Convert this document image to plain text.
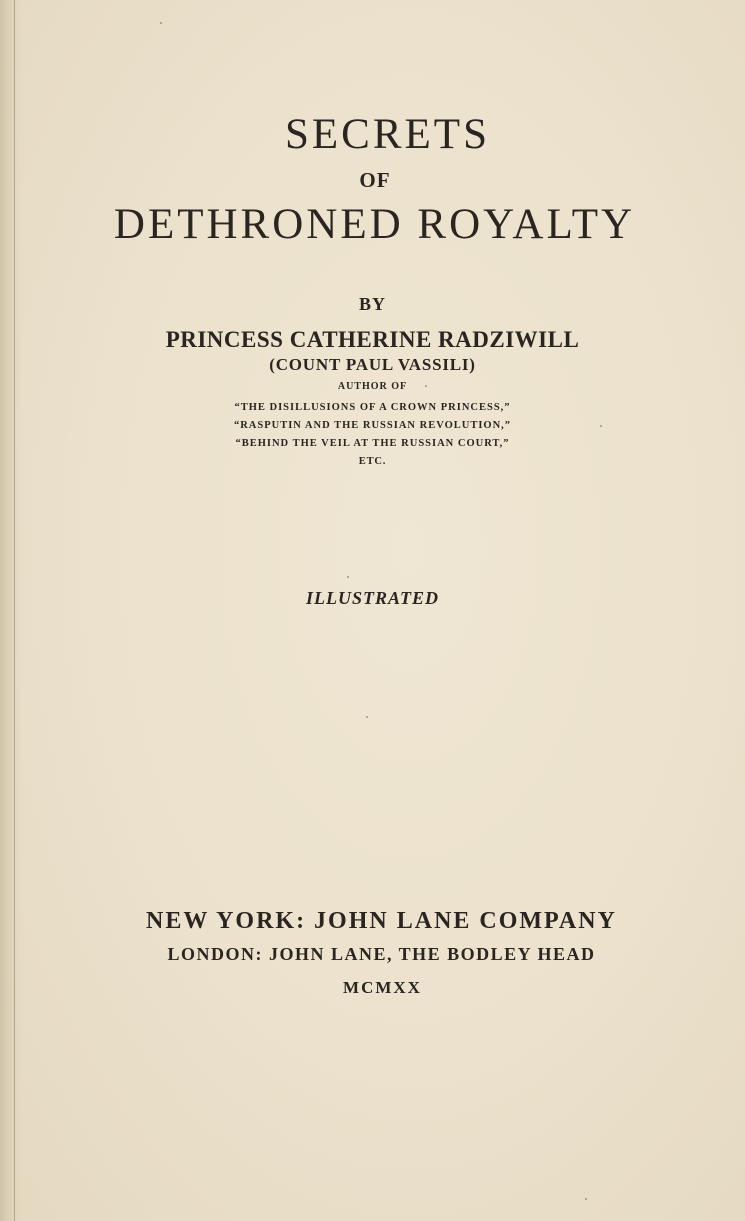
SECRETS
OF
DETHRONED ROYALTY
BY
PRINCESS CATHERINE RADZIWILL
(COUNT PAUL VASSILI)
AUTHOR OF
“THE DISILLUSIONS OF A CROWN PRINCESS,”
“RASPUTIN AND THE RUSSIAN REVOLUTION,”
“BEHIND THE VEIL AT THE RUSSIAN COURT,”
ETC.
ILLUSTRATED
NEW YORK: JOHN LANE COMPANY
LONDON: JOHN LANE, THE BODLEY HEAD
MCMXX
